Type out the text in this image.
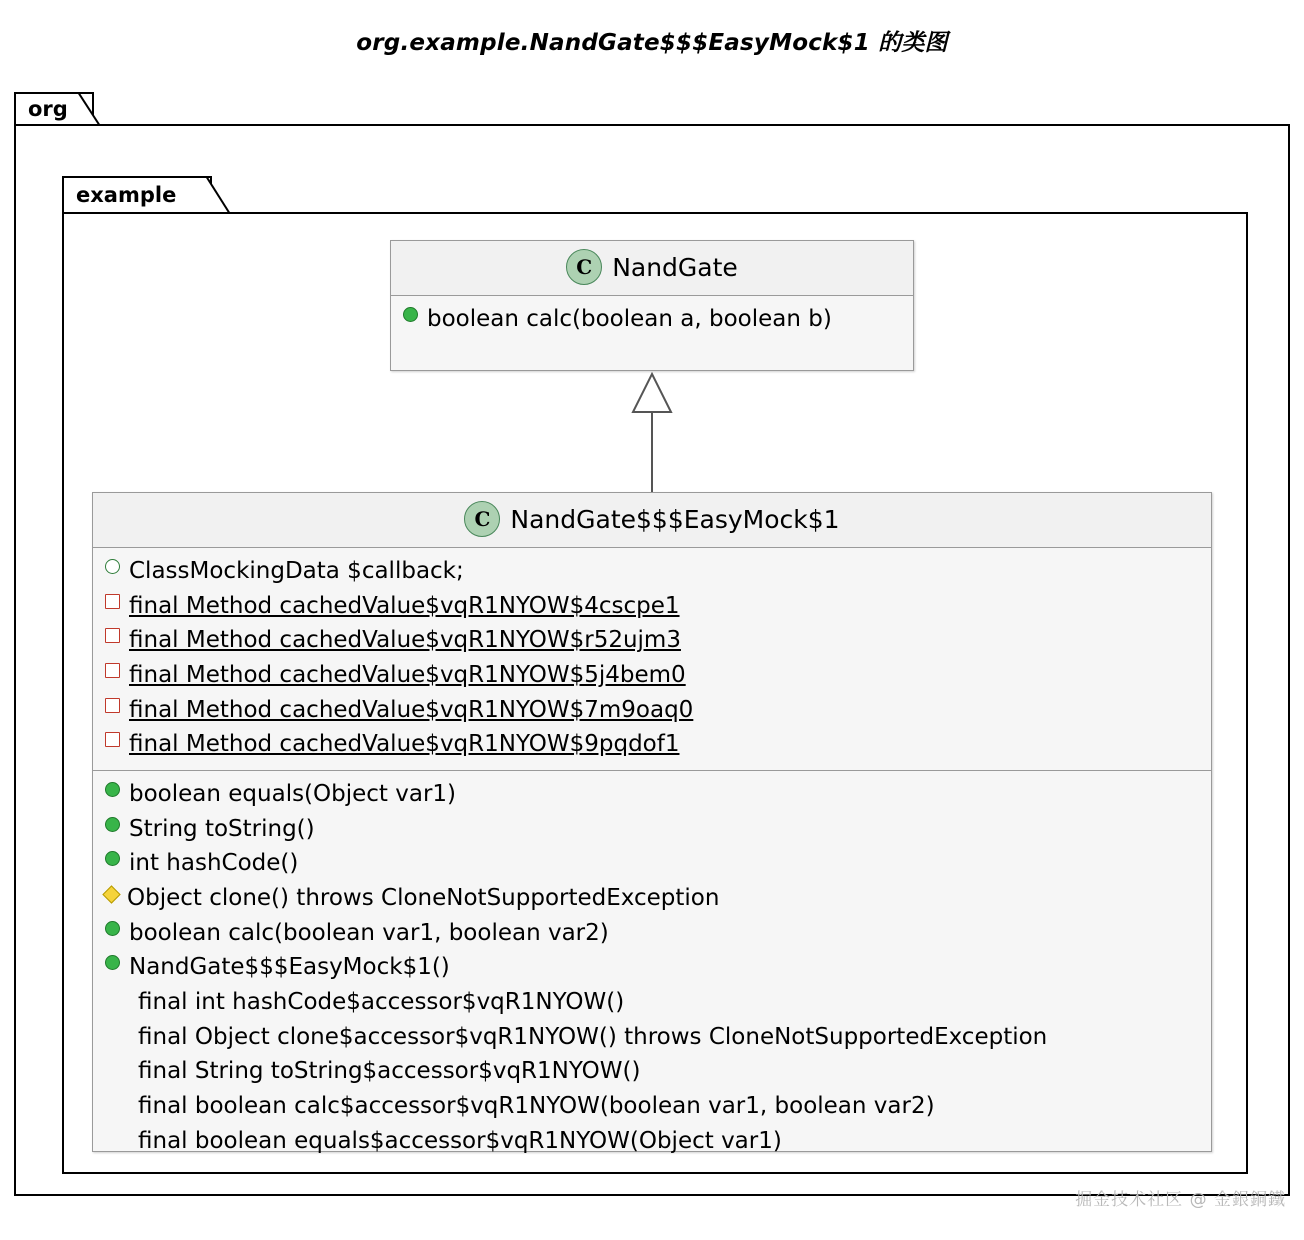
org.example.NandGate$$$EasyMock$1 的类图
org
example
C NandGate
boolean calc(boolean a, boolean b)
C NandGate$$$EasyMock$1
ClassMockingData $callback;
final Method cachedValue$vqR1NYOW$4cscpe1
final Method cachedValue$vqR1NYOW$r52ujm3
final Method cachedValue$vqR1NYOW$5j4bem0
final Method cachedValue$vqR1NYOW$7m9oaq0
final Method cachedValue$vqR1NYOW$9pqdof1
boolean equals(Object var1)
String toString()
int hashCode()
Object clone() throws CloneNotSupportedException
boolean calc(boolean var1, boolean var2)
NandGate$$$EasyMock$1()
final int hashCode$accessor$vqR1NYOW()
final Object clone$accessor$vqR1NYOW() throws CloneNotSupportedException
final String toString$accessor$vqR1NYOW()
final boolean calc$accessor$vqR1NYOW(boolean var1, boolean var2)
final boolean equals$accessor$vqR1NYOW(Object var1)
掘金技术社区 @ 金銀銅鐵
